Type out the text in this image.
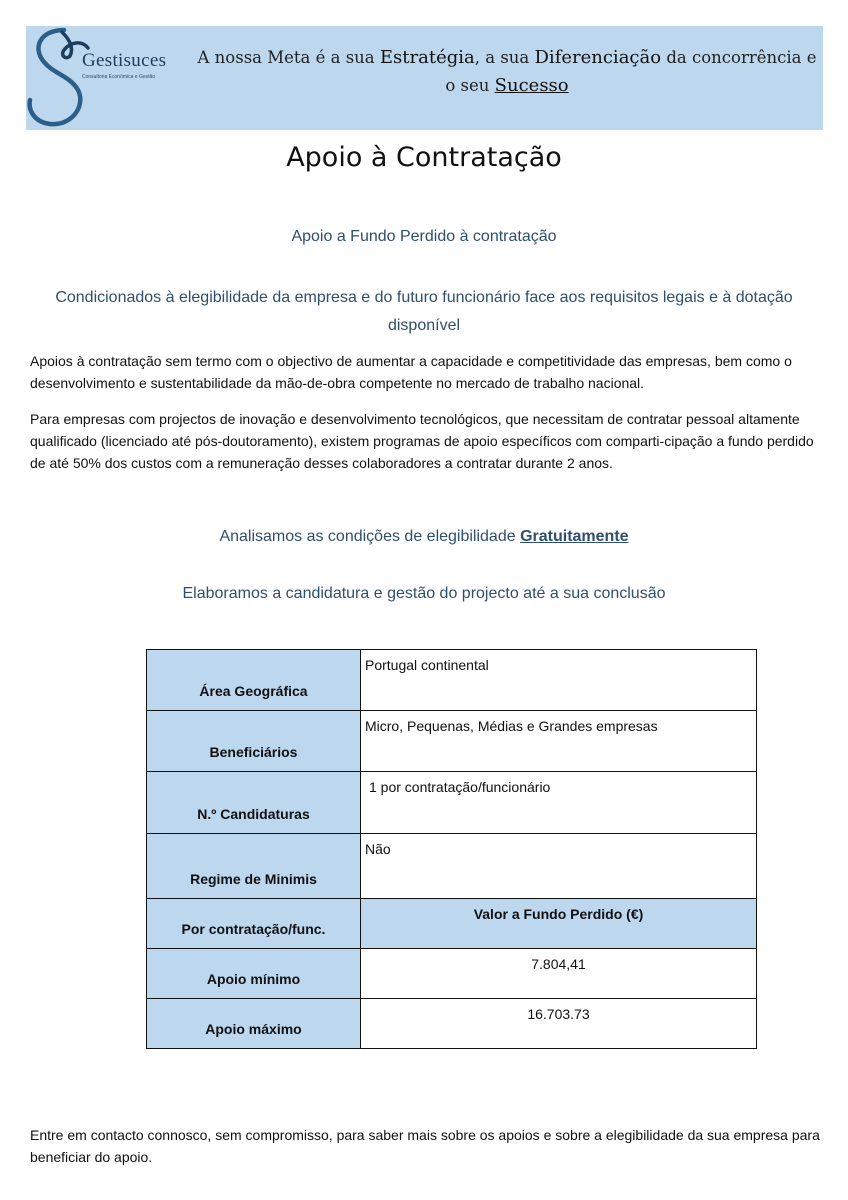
Gestisuces
Consultoria Económica e Gestão
A nossa Meta é a sua Estratégia, a sua Diferenciação da concorrência e o seu Sucesso
Apoio à Contratação
Apoio a Fundo Perdido à contratação
Condicionados à elegibilidade da empresa e do futuro funcionário face aos requisitos legais e à dotação disponível

Apoios à contratação sem termo com o objectivo de aumentar a capacidade e competitividade das empresas, bem como o desenvolvimento e sustentabilidade da mão-de-obra competente no mercado de trabalho nacional.

Para empresas com projectos de inovação e desenvolvimento tecnológicos, que necessitam de contratar pessoal altamente qualificado (licenciado até pós-doutoramento), existem programas de apoio específicos com comparti-cipação a fundo perdido de até 50% dos custos com a remuneração desses colaboradores a contratar durante 2 anos.

Analisamos as condições de elegibilidade Gratuitamente
Elaboramos a candidatura e gestão do projecto até a sua conclusão
Área Geográfica	Portugal continental
Beneficiários	Micro, Pequenas, Médias e Grandes empresas
N.º Candidaturas	1 por contratação/funcionário
Regime de Minimis	Não
Por contratação/func.	Valor a Fundo Perdido (€)
Apoio mínimo	7.804,41
Apoio máximo	16.703.73

Entre em contacto connosco, sem compromisso, para saber mais sobre os apoios e sobre a elegibilidade da sua empresa para beneficiar do apoio.
